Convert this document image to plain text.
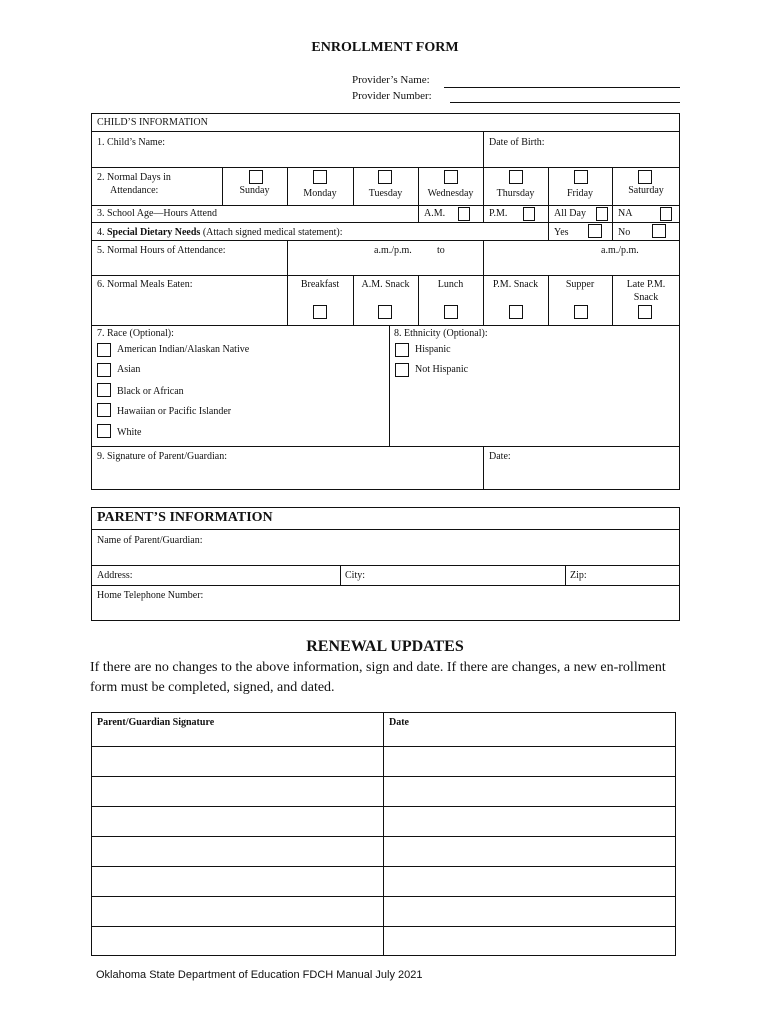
ENROLLMENT FORM
Provider’s Name:
Provider Number:
CHILD’S INFORMATION
1. Child’s Name:	Date of Birth:
2. Normal Days in
Attendance:	Sunday	Monday	Tuesday	Wednesday	Thursday	Friday	Saturday
3. School Age—Hours Attend	A.M.	P.M.	All Day	NA
4. Special Dietary Needs (Attach signed medical statement):	Yes	No
5. Normal Hours of Attendance:	a.m./p.m.	to	a.m./p.m.
6. Normal Meals Eaten:	Breakfast	A.M. Snack	Lunch	P.M. Snack	Supper	Late P.M.
Snack
7. Race (Optional):
American Indian/Alaskan Native
Asian
Black or African
Hawaiian or Pacific Islander
White
8. Ethnicity (Optional):
Hispanic
Not Hispanic
9. Signature of Parent/Guardian:	Date:
PARENT’S INFORMATION
Name of Parent/Guardian:
Address:	City:	Zip:
Home Telephone Number:
RENEWAL UPDATES
If there are no changes to the above information, sign and date. If there are changes, a new en-rollment form must be completed, signed, and dated.
Parent/Guardian Signature	Date
Oklahoma State Department of Education FDCH Manual July 2021
